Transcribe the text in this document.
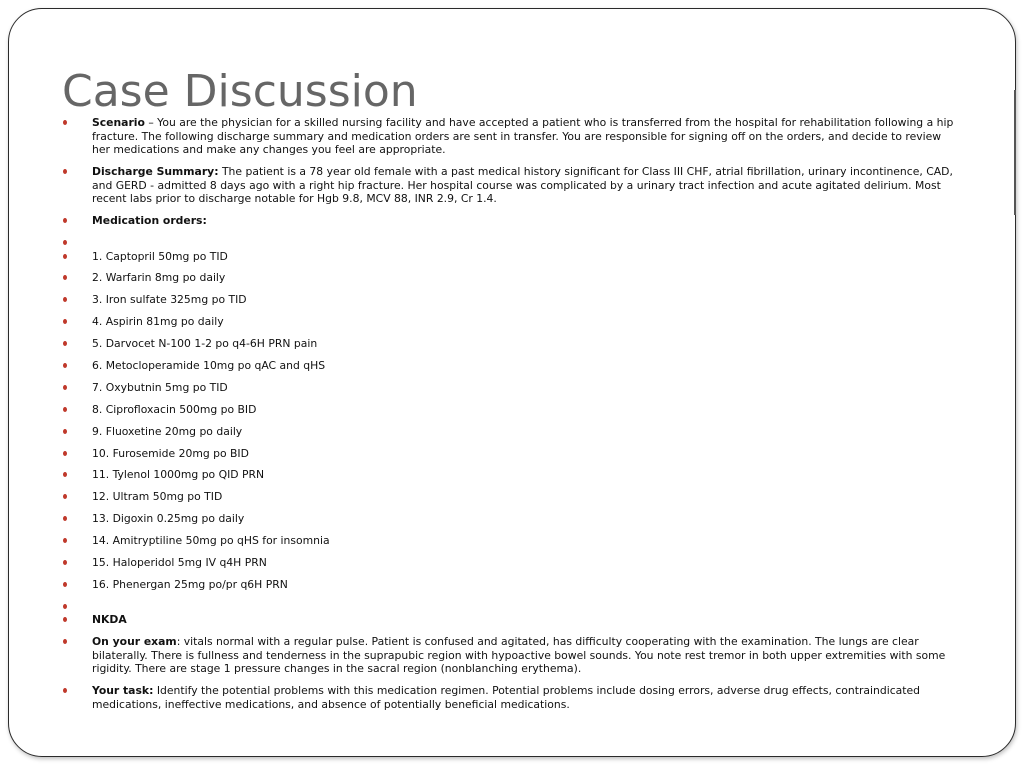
Case Discussion
Scenario – You are the physician for a skilled nursing facility and have accepted a patient who is transferred from the hospital for rehabilitation following a hip fracture. The following discharge summary and medication orders are sent in transfer. You are responsible for signing off on the orders, and decide to review her medications and make any changes you feel are appropriate.
Discharge Summary: The patient is a 78 year old female with a past medical history significant for Class III CHF, atrial fibrillation, urinary incontinence, CAD, and GERD - admitted 8 days ago with a right hip fracture. Her hospital course was complicated by a urinary tract infection and acute agitated delirium. Most recent labs prior to discharge notable for Hgb 9.8, MCV 88, INR 2.9, Cr 1.4.
Medication orders:

1. Captopril 50mg po TID
2. Warfarin 8mg po daily
3. Iron sulfate 325mg po TID
4. Aspirin 81mg po daily
5. Darvocet N-100 1-2 po q4-6H PRN pain
6. Metocloperamide 10mg po qAC and qHS
7. Oxybutnin 5mg po TID
8. Ciprofloxacin 500mg po BID
9. Fluoxetine 20mg po daily
10. Furosemide 20mg po BID
11. Tylenol 1000mg po QID PRN
12. Ultram 50mg po TID
13. Digoxin 0.25mg po daily
14. Amitryptiline 50mg po qHS for insomnia
15. Haloperidol 5mg IV q4H PRN
16. Phenergan 25mg po/pr q6H PRN

NKDA
On your exam: vitals normal with a regular pulse. Patient is confused and agitated, has difficulty cooperating with the examination. The lungs are clear bilaterally. There is fullness and tenderness in the suprapubic region with hypoactive bowel sounds. You note rest tremor in both upper extremities with some rigidity. There are stage 1 pressure changes in the sacral region (nonblanching erythema).
Your task: Identify the potential problems with this medication regimen. Potential problems include dosing errors, adverse drug effects, contraindicated medications, ineffective medications, and absence of potentially beneficial medications.
